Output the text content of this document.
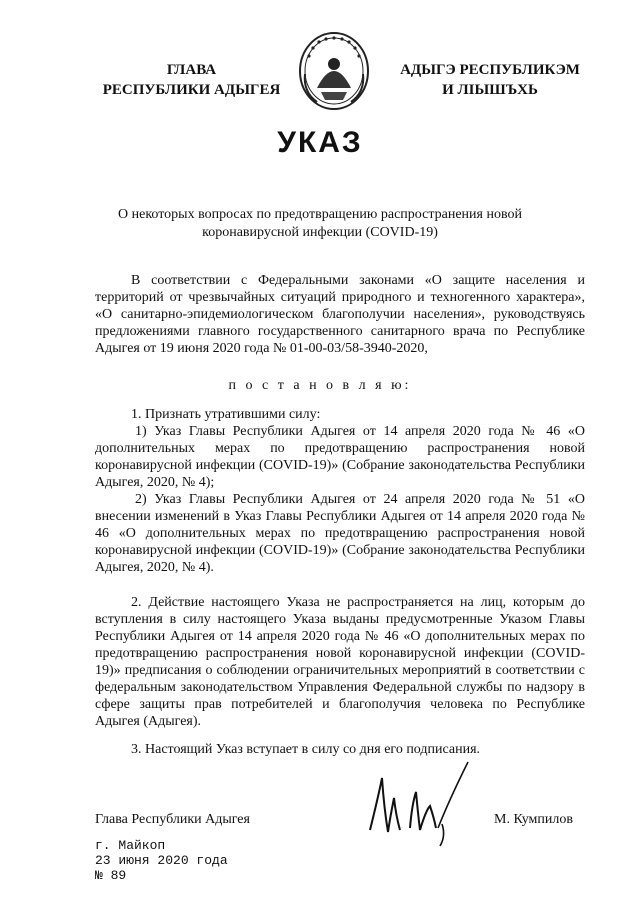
ГЛАВА
РЕСПУБЛИКИ АДЫГЕЯ
АДЫГЭ РЕСПУБЛИКЭМ
И ЛІЫШЪХЬ
УКАЗ
О некоторых вопросах по предотвращению распространения новой коронавирусной инфекции (COVID-19)

В соответствии с Федеральными законами «О защите населения и территорий от чрезвычайных ситуаций природного и техногенного характера», «О санитарно-эпидемиологическом благополучии населения», руководствуясь предложениями главного государственного санитарного врача по Республике Адыгея от 19 июня 2020 года № 01-00-03/58-3940-2020,

п о с т а н о в л я ю:

1. Признать утратившими силу:

1) Указ Главы Республики Адыгея от 14 апреля 2020 года № 46 «О дополнительных мерах по предотвращению распространения новой коронавирусной инфекции (COVID-19)» (Собрание законодательства Республики Адыгея, 2020, № 4);

2) Указ Главы Республики Адыгея от 24 апреля 2020 года № 51 «О внесении изменений в Указ Главы Республики Адыгея от 14 апреля 2020 года № 46 «О дополнительных мерах по предотвращению распространения новой коронавирусной инфекции (COVID-19)» (Собрание законодательства Республики Адыгея, 2020, № 4).

2. Действие настоящего Указа не распространяется на лиц, которым до вступления в силу настоящего Указа выданы предусмотренные Указом Главы Республики Адыгея от 14 апреля 2020 года № 46 «О дополнительных мерах по предотвращению распространения новой коронавирусной инфекции (COVID-19)» предписания о соблюдении ограничительных мероприятий в соответствии с федеральным законодательством Управления Федеральной службы по надзору в сфере защиты прав потребителей и благополучия человека по Республике Адыгея (Адыгея).

3. Настоящий Указ вступает в силу со дня его подписания.

Глава Республики Адыгея	М. Кумпилов
г. Майкоп
23 июня 2020 года
№ 89
